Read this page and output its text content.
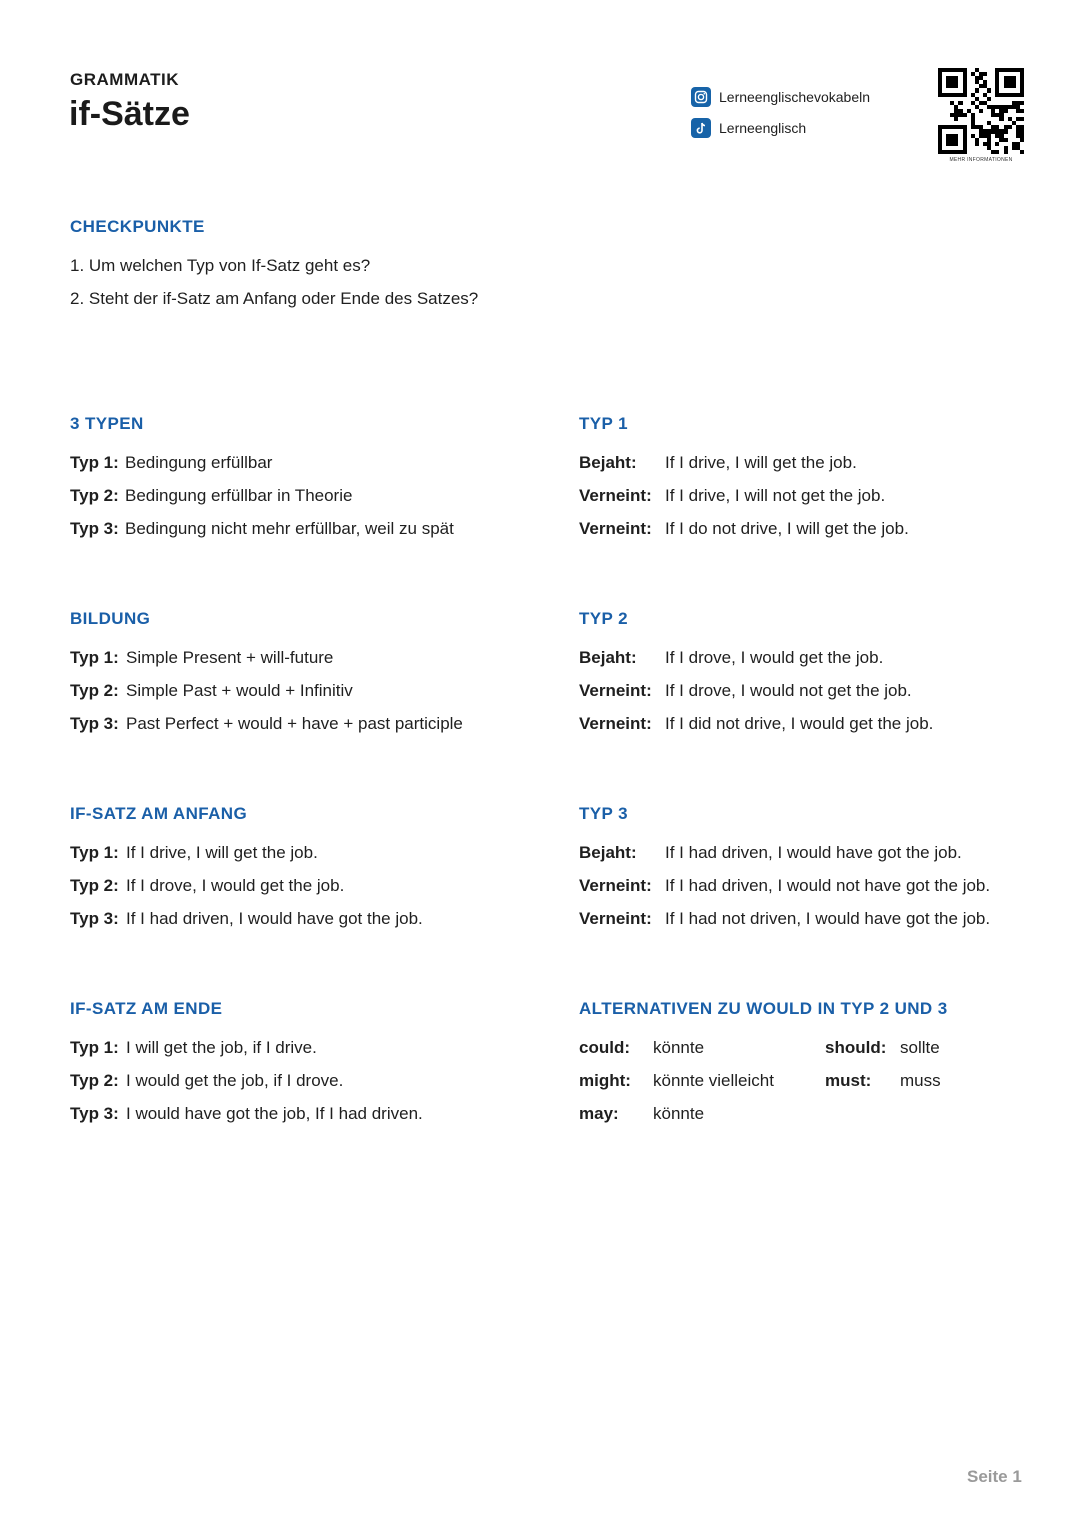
GRAMMATIK
if-Sätze	Lerneenglischevokabeln
Lerneenglisch
MEHR INFORMATIONEN
CHECKPUNKTE
1. Um welchen Typ von If-Satz geht es?
2. Steht der if-Satz am Anfang oder Ende des Satzes?
3 TYPEN
Typ 1: Bedingung erfüllbar
Typ 2: Bedingung erfüllbar in Theorie
Typ 3: Bedingung nicht mehr erfüllbar, weil zu spät
BILDUNG
Typ 1: Simple Present + will-future
Typ 2: Simple Past + would + Infinitiv
Typ 3: Past Perfect + would + have + past participle
IF-SATZ AM ANFANG
Typ 1: If I drive, I will get the job.
Typ 2: If I drove, I would get the job.
Typ 3: If I had driven, I would have got the job.
IF-SATZ AM ENDE
Typ 1: I will get the job, if I drive.
Typ 2: I would get the job, if I drove.
Typ 3: I would have got the job, If I had driven.
TYP 1
Bejaht: If I drive, I will get the job.
Verneint: If I drive, I will not get the job.
Verneint: If I do not drive, I will get the job.
TYP 2
Bejaht: If I drove, I would get the job.
Verneint: If I drove, I would not get the job.
Verneint: If I did not drive, I would get the job.
TYP 3
Bejaht: If I had driven, I would have got the job.
Verneint: If I had driven, I would not have got the job.
Verneint: If I had not driven, I would have got the job.
ALTERNATIVEN ZU WOULD IN TYP 2 UND 3
could: könnte
might: könnte vielleicht
may: könnte
should: sollte
must: muss
Seite 1
